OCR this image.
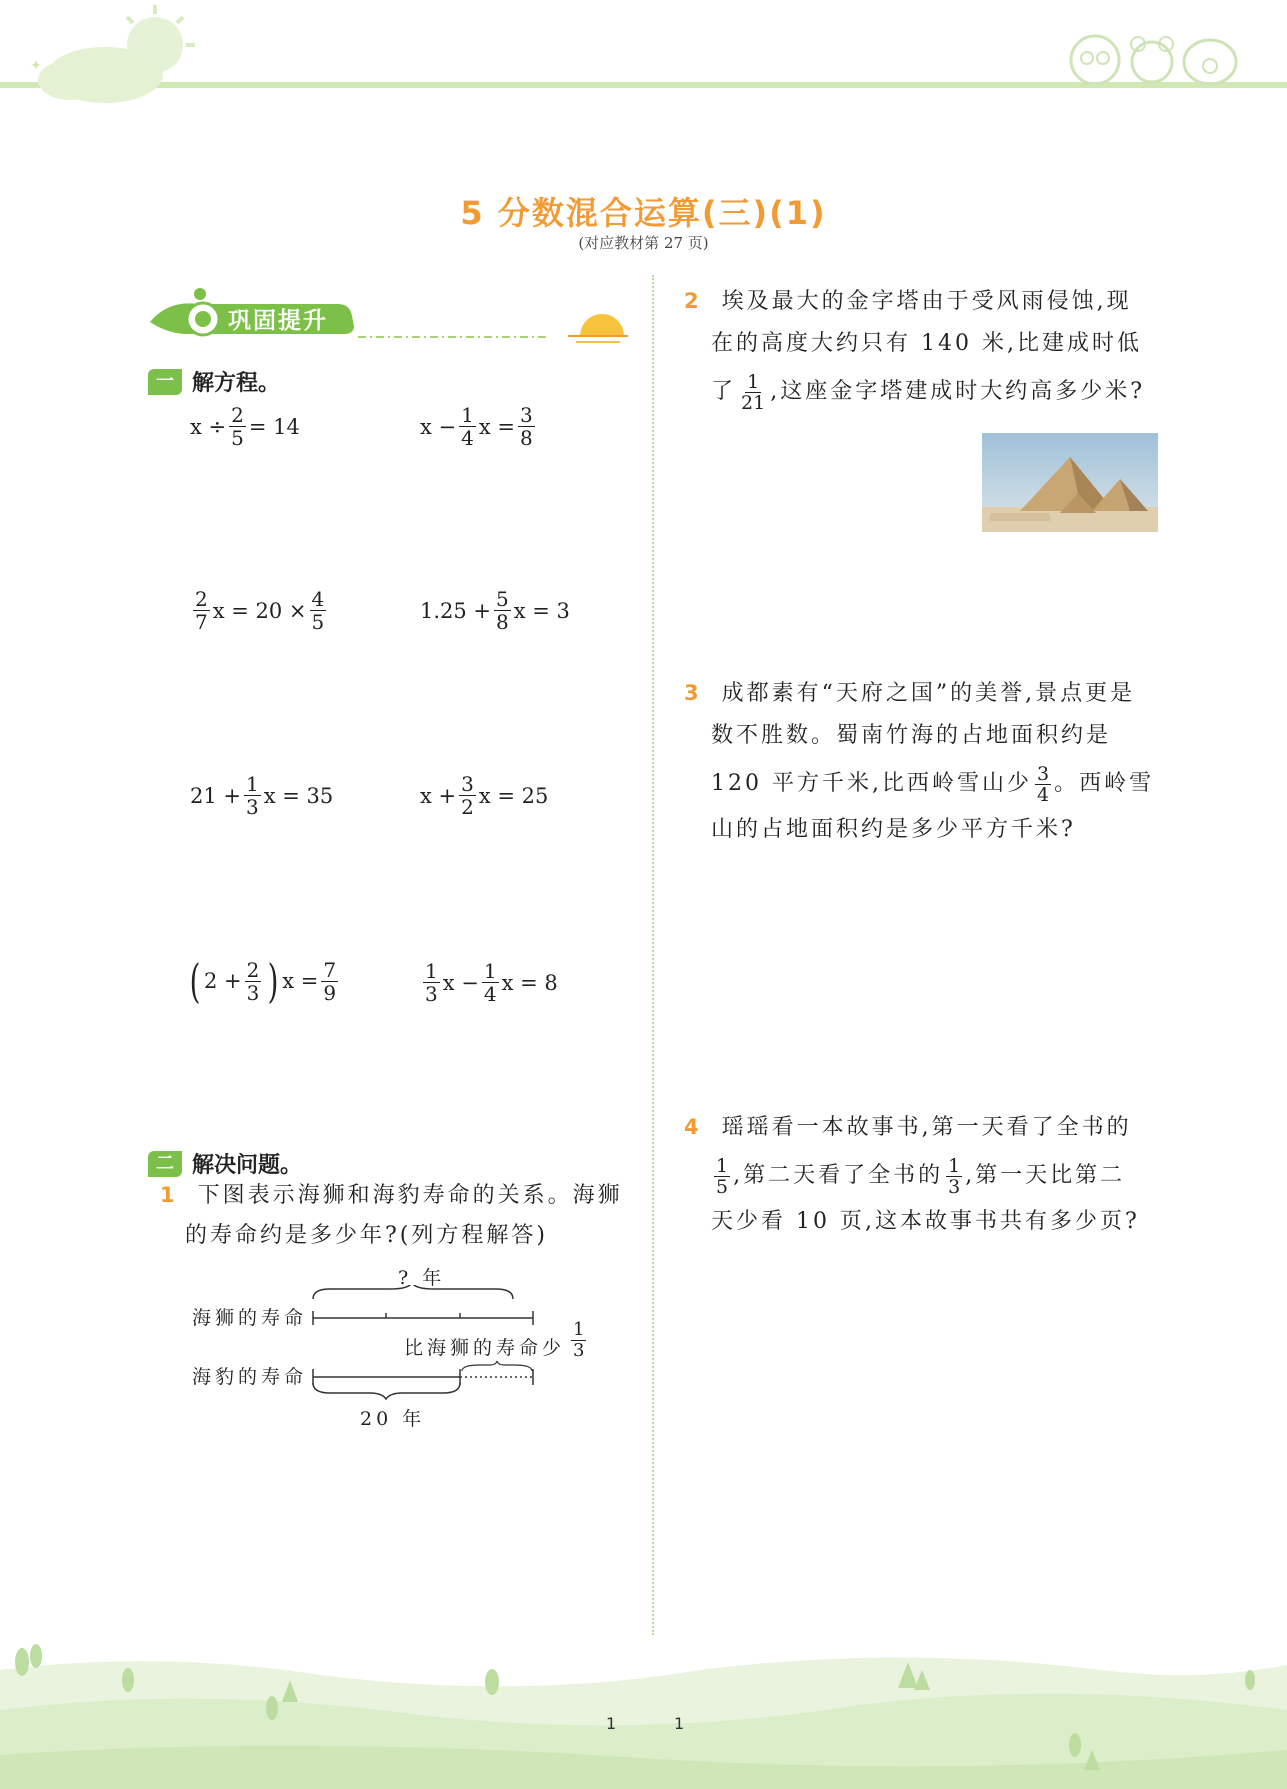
✦
5 分数混合运算(三)(1)
(对应教材第 27 页)
巩固提升
一 解方程。
$x \div \frac{2}{5} = 14$	$x - \frac{1}{4}$ $x = \frac{3}{8}$
$\frac{2}{7}$ $x = 20 \times \frac{4}{5}$	$1.25 + \frac{5}{8}$ x = 3
$21 + \frac{1}{3}$ x = 35	$x + \frac{3}{2}$ x = 25
( $2 + \frac{2}{3}$ ) $x = \frac{7}{9}$	$\frac{1}{3}$ $x - \frac{1}{4}$ x = 8
二 解决问题。
1 下图表示海狮和海豹寿命的关系。海狮
的寿命约是多少年?(列方程解答)
? 年
海狮的寿命
海豹的寿命
比海狮的寿命少 $\frac{1}{3}$
20 年
2 埃及最大的金字塔由于受风雨侵蚀,现
在的高度大约只有 140 米,比建成时低
了 $\frac{1}{21}$ ,这座金字塔建成时大约高多少米?
3 成都素有“天府之国”的美誉,景点更是
数不胜数。蜀南竹海的占地面积约是
120 平方千米,比西岭雪山少 $\frac{3}{4}$ 。西岭雪
山的占地面积约是多少平方千米?
4 瑶瑶看一本故事书,第一天看了全书的
$\frac{1}{5}$ ,第二天看了全书的 $\frac{1}{3}$ ,第一天比第二
天少看 10 页,这本故事书共有多少页?
1	1
